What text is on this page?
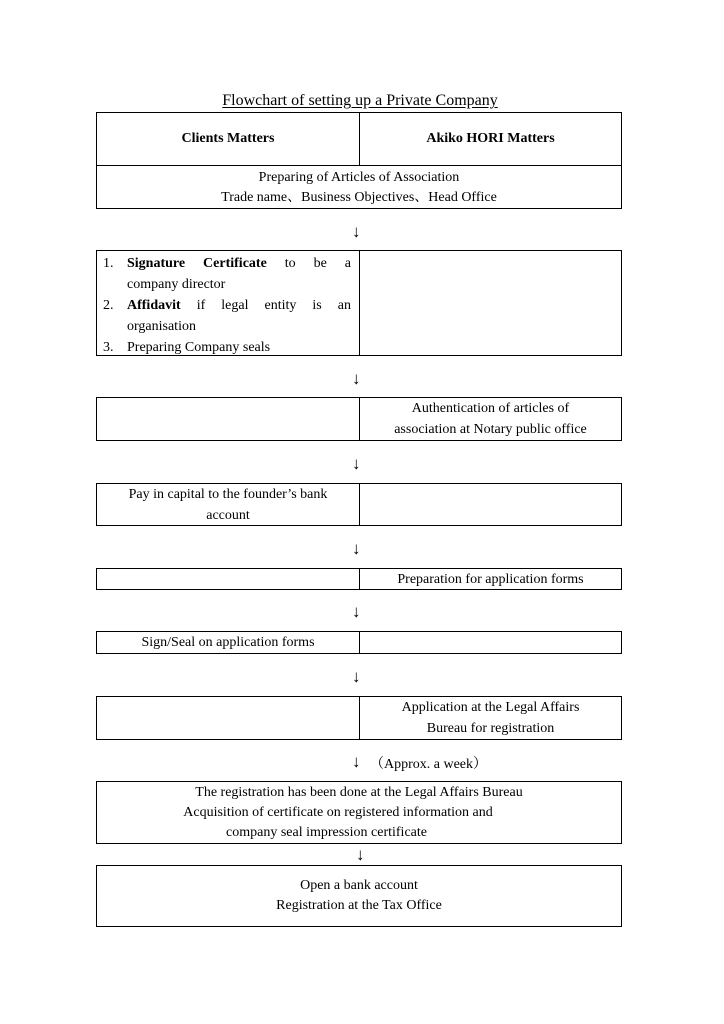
Flowchart of setting up a Private Company
Clients Matters	Akiko HORI Matters
Preparing of Articles of Association
Trade name、Business Objectives、Head Office
↓
1. Signature Certificate to be a
company director
2. Affidavit if legal entity is an
organisation
3. Preparing Company seals
↓
Authentication of articles of
association at Notary public office
↓
Pay in capital to the founder’s bank
account
↓
Preparation for application forms
↓
Sign/Seal on application forms
↓
Application at the Legal Affairs
Bureau for registration
↓ （Approx. a week）
The registration has been done at the Legal Affairs Bureau
Acquisition of certificate on registered information and
company seal impression certificate
↓
Open a bank account
Registration at the Tax Office
